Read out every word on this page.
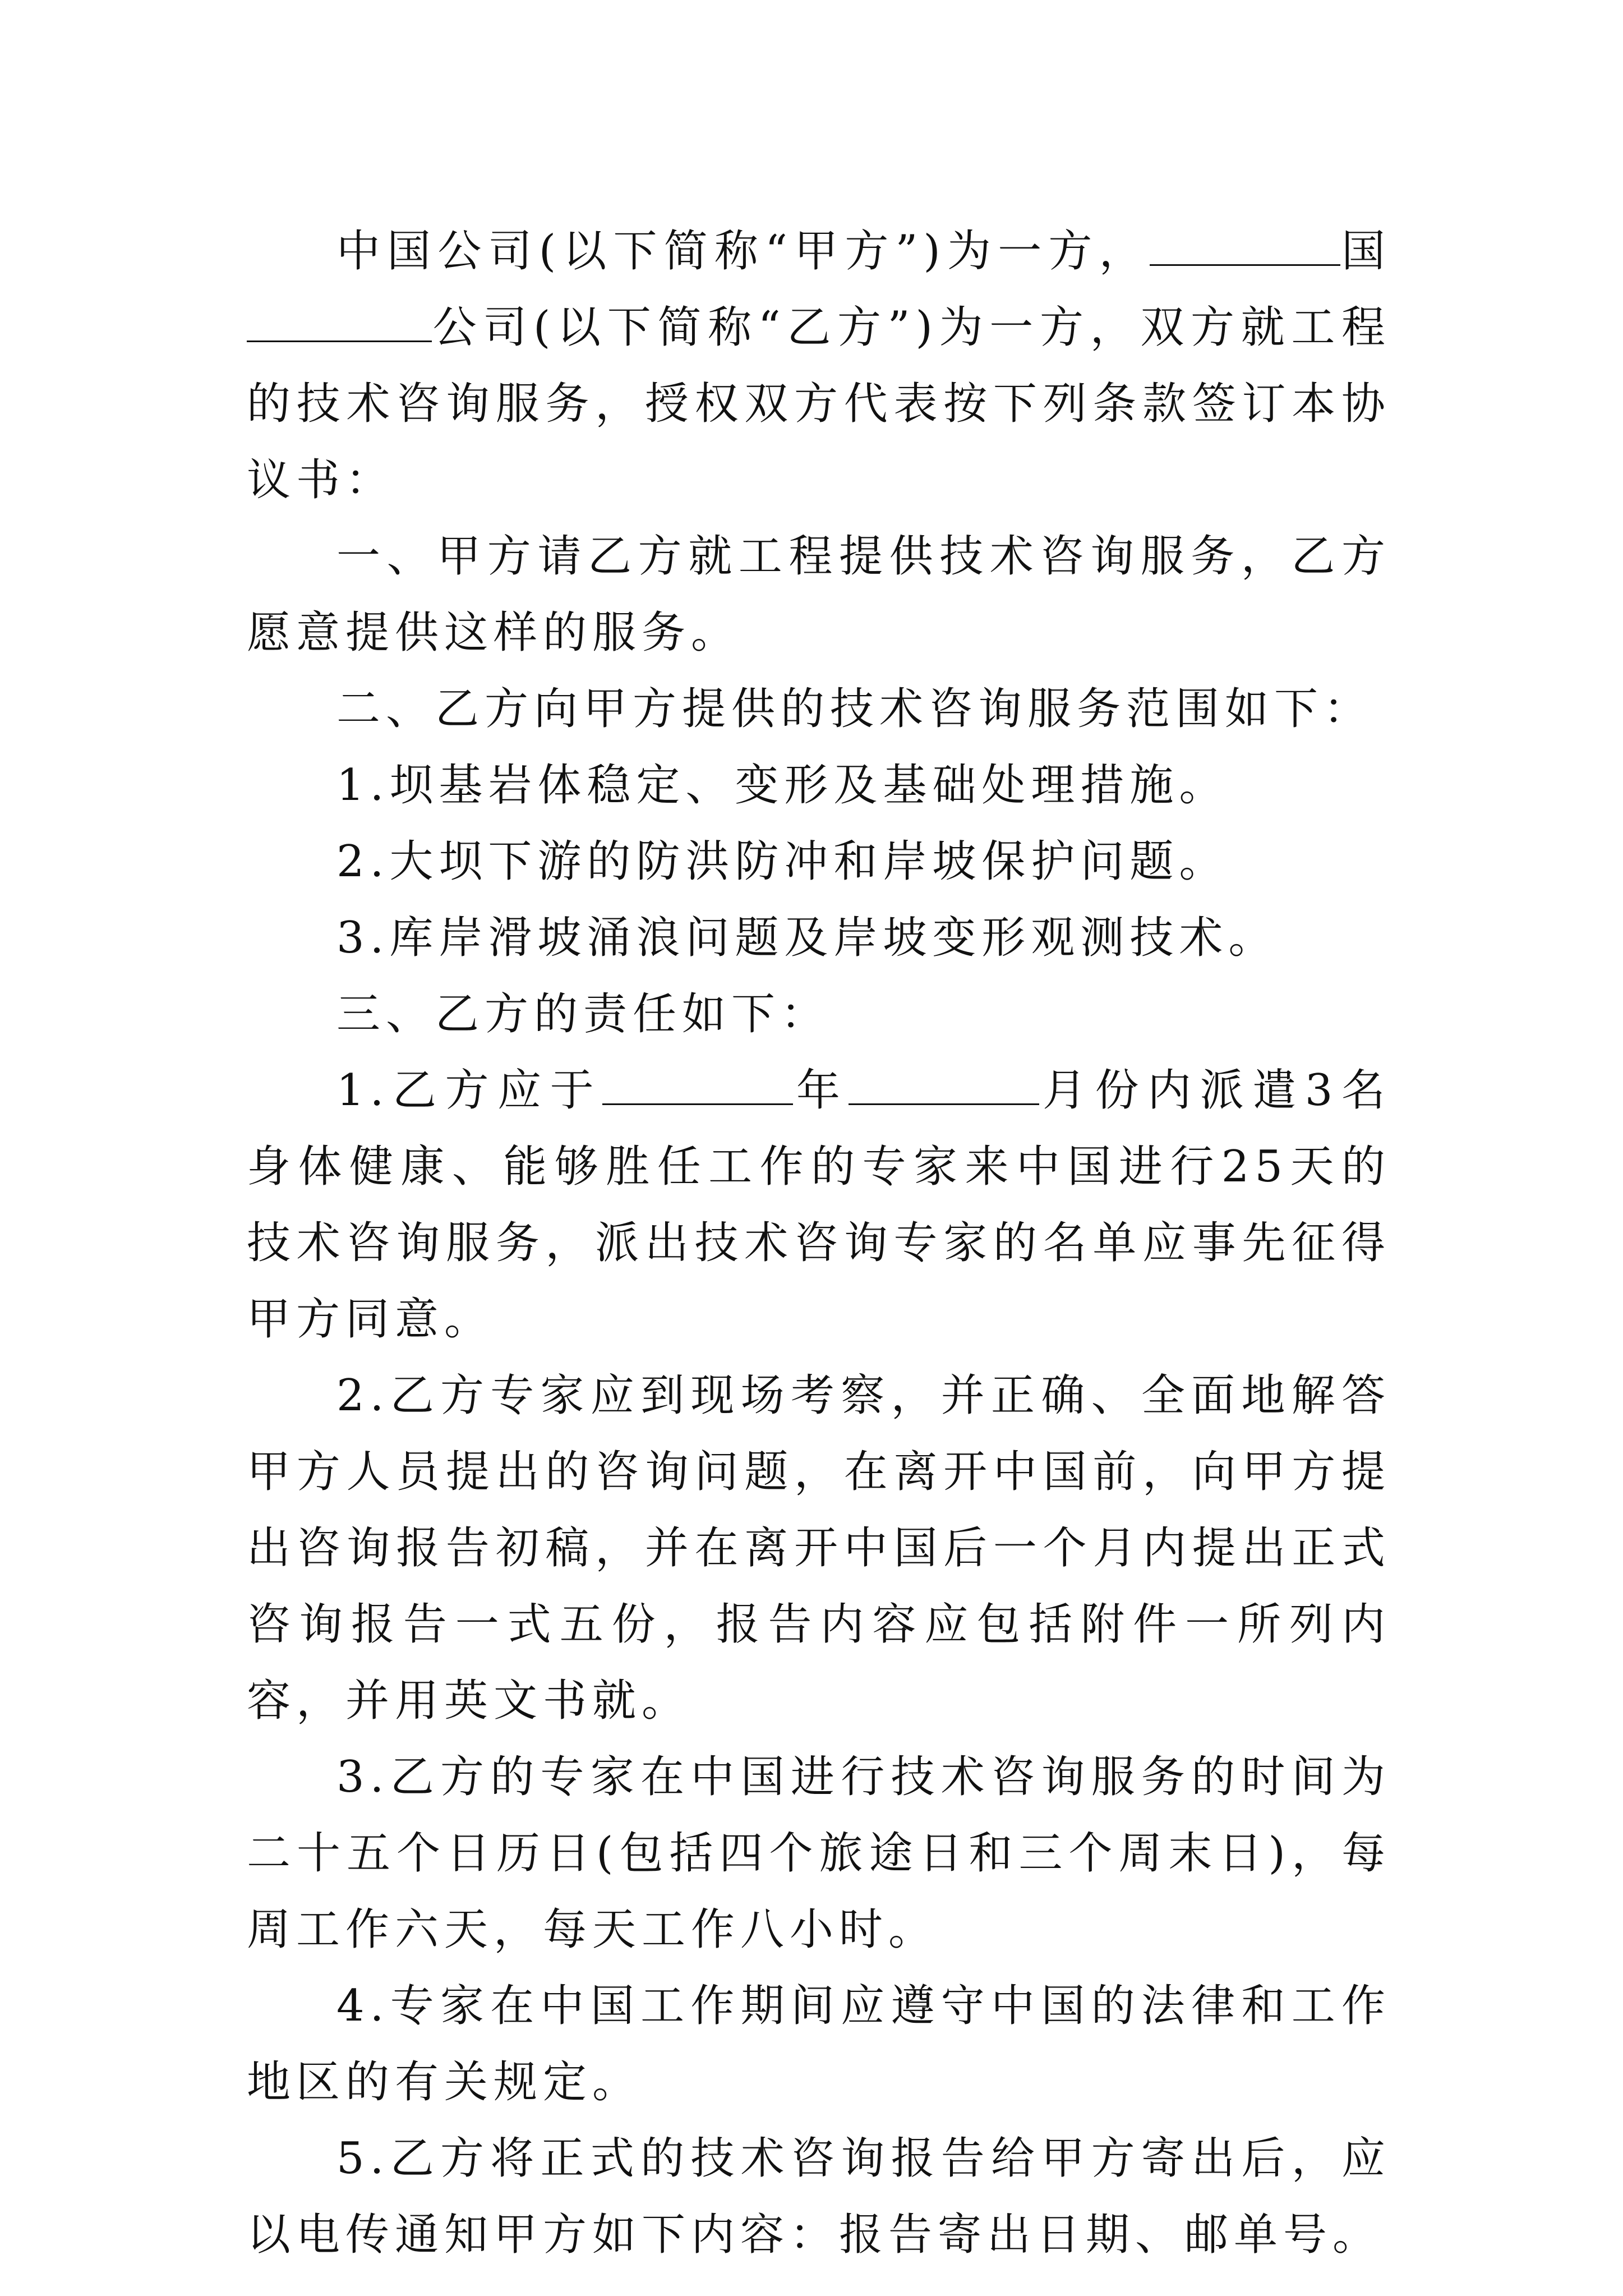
中国公司(以下简称“甲方”)为一方，	国公司(以下简称“乙方”)为一方，双方就工程的技术咨询服务，授权双方代表按下列条款签订本协议书：

一、甲方请乙方就工程提供技术咨询服务，乙方愿意提供这样的服务。

二、乙方向甲方提供的技术咨询服务范围如下：

1.坝基岩体稳定、变形及基础处理措施。

2.大坝下游的防洪防冲和岸坡保护问题。

3.库岸滑坡涌浪问题及岸坡变形观测技术。

三、乙方的责任如下：

1.乙方应于	年	月份内派遣3名身体健康、能够胜任工作的专家来中国进行25天的技术咨询服务，派出技术咨询专家的名单应事先征得甲方同意。

2.乙方专家应到现场考察，并正确、全面地解答甲方人员提出的咨询问题，在离开中国前，向甲方提出咨询报告初稿，并在离开中国后一个月内提出正式咨询报告一式五份，报告内容应包括附件一所列内容，并用英文书就。

3.乙方的专家在中国进行技术咨询服务的时间为二十五个日历日(包括四个旅途日和三个周末日)，每周工作六天，每天工作八小时。

4.专家在中国工作期间应遵守中国的法律和工作地区的有关规定。

5.乙方将正式的技术咨询报告给甲方寄出后，应以电传通知甲方如下内容：报告寄出日期、邮单号。
